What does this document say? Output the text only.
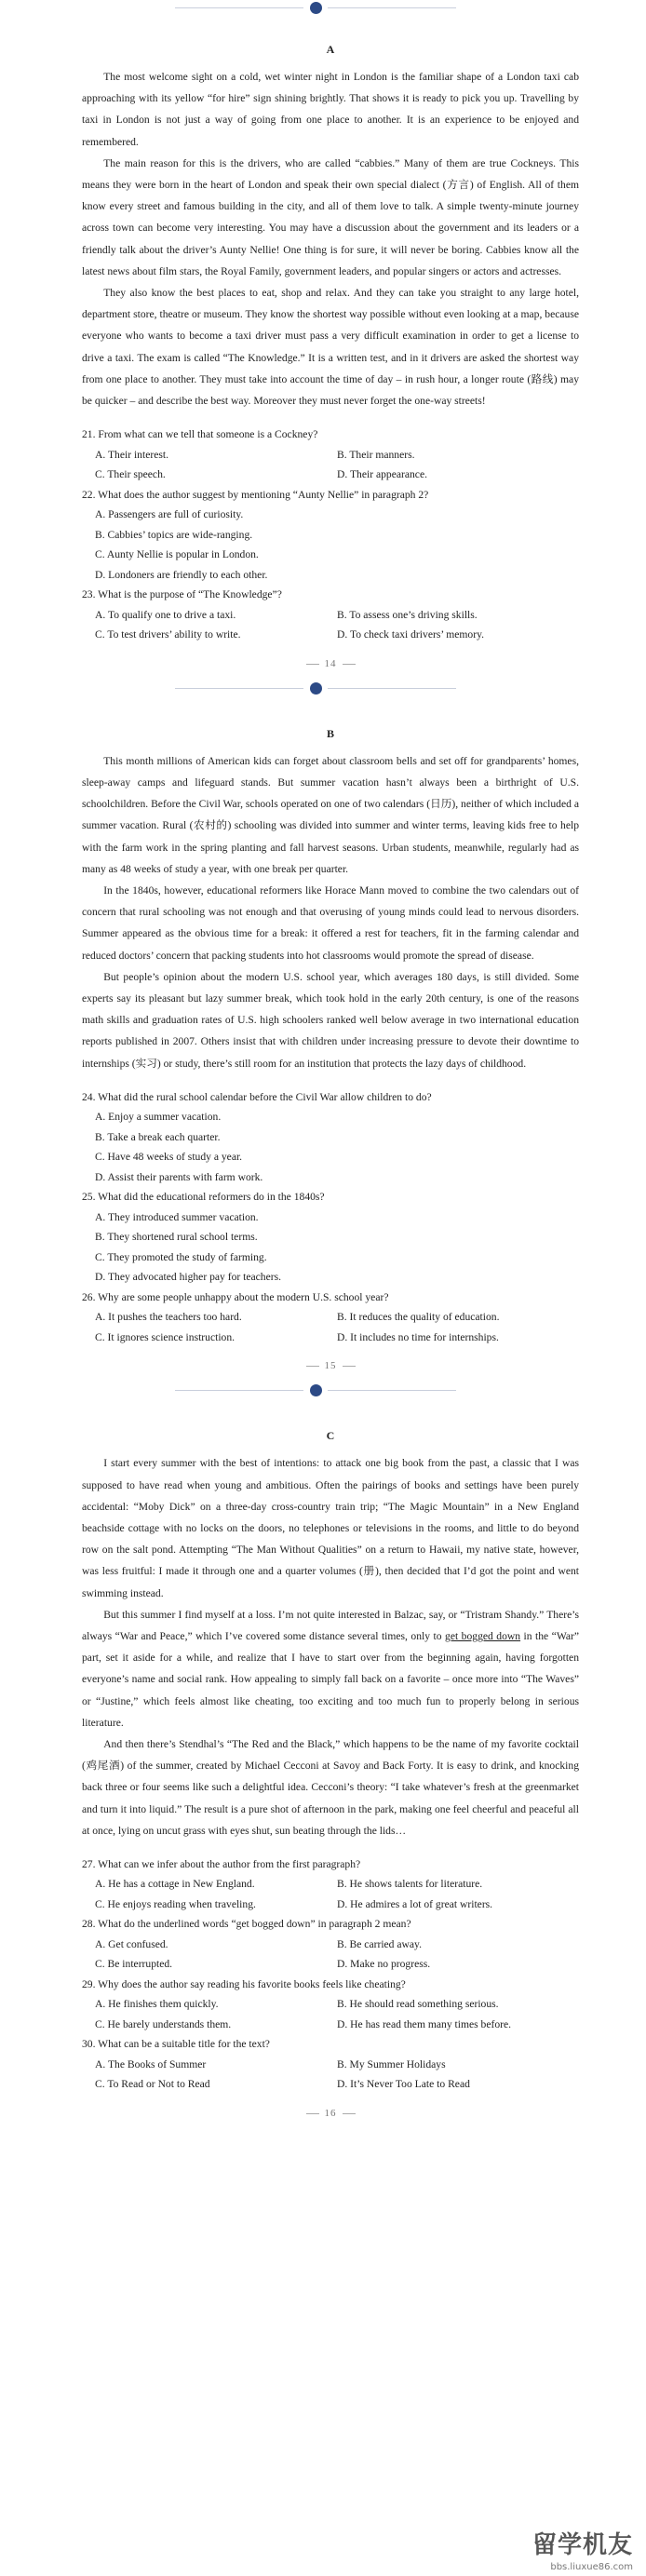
A

The most welcome sight on a cold, wet winter night in London is the familiar shape of a London taxi cab approaching with its yellow “for hire” sign shining brightly. That shows it is ready to pick you up. Travelling by taxi in London is not just a way of going from one place to another. It is an experience to be enjoyed and remembered.

The main reason for this is the drivers, who are called “cabbies.” Many of them are true Cockneys. This means they were born in the heart of London and speak their own special dialect (方言) of English. All of them know every street and famous building in the city, and all of them love to talk. A simple twenty-minute journey across town can become very interesting. You may have a discussion about the government and its leaders or a friendly talk about the driver’s Aunty Nellie! One thing is for sure, it will never be boring. Cabbies know all the latest news about film stars, the Royal Family, government leaders, and popular singers or actors and actresses.

They also know the best places to eat, shop and relax. And they can take you straight to any large hotel, department store, theatre or museum. They know the shortest way possible without even looking at a map, because everyone who wants to become a taxi driver must pass a very difficult examination in order to get a license to drive a taxi. The exam is called “The Knowledge.” It is a written test, and in it drivers are asked the shortest way from one place to another. They must take into account the time of day – in rush hour, a longer route (路线) may be quicker – and describe the best way. Moreover they must never forget the one-way streets!

21. From what can we tell that someone is a Cockney?

A. Their interest.	B. Their manners.

C. Their speech.	D. Their appearance.

22. What does the author suggest by mentioning “Aunty Nellie” in paragraph 2?

A. Passengers are full of curiosity.

B. Cabbies’ topics are wide-ranging.

C. Aunty Nellie is popular in London.

D. Londoners are friendly to each other.

23. What is the purpose of “The Knowledge”?

A. To qualify one to drive a taxi.	B. To assess one’s driving skills.

C. To test drivers’ ability to write.	D. To check taxi drivers’ memory.

14
B

This month millions of American kids can forget about classroom bells and set off for grandparents’ homes, sleep-away camps and lifeguard stands. But summer vacation hasn’t always been a birthright of U.S. schoolchildren. Before the Civil War, schools operated on one of two calendars (日历), neither of which included a summer vacation. Rural (农村的) schooling was divided into summer and winter terms, leaving kids free to help with the farm work in the spring planting and fall harvest seasons. Urban students, meanwhile, regularly had as many as 48 weeks of study a year, with one break per quarter.

In the 1840s, however, educational reformers like Horace Mann moved to combine the two calendars out of concern that rural schooling was not enough and that overusing of young minds could lead to nervous disorders. Summer appeared as the obvious time for a break: it offered a rest for teachers, fit in the farming calendar and reduced doctors’ concern that packing students into hot classrooms would promote the spread of disease.

But people’s opinion about the modern U.S. school year, which averages 180 days, is still divided. Some experts say its pleasant but lazy summer break, which took hold in the early 20th century, is one of the reasons math skills and graduation rates of U.S. high schoolers ranked well below average in two international education reports published in 2007. Others insist that with children under increasing pressure to devote their downtime to internships (实习) or study, there’s still room for an institution that protects the lazy days of childhood.

24. What did the rural school calendar before the Civil War allow children to do?

A. Enjoy a summer vacation.

B. Take a break each quarter.

C. Have 48 weeks of study a year.

D. Assist their parents with farm work.

25. What did the educational reformers do in the 1840s?

A. They introduced summer vacation.

B. They shortened rural school terms.

C. They promoted the study of farming.

D. They advocated higher pay for teachers.

26. Why are some people unhappy about the modern U.S. school year?

A. It pushes the teachers too hard.	B. It reduces the quality of education.

C. It ignores science instruction.	D. It includes no time for internships.

15
C

I start every summer with the best of intentions: to attack one big book from the past, a classic that I was supposed to have read when young and ambitious. Often the pairings of books and settings have been purely accidental: “Moby Dick” on a three-day cross-country train trip; “The Magic Mountain” in a New England beachside cottage with no locks on the doors, no telephones or televisions in the rooms, and little to do beyond row on the salt pond. Attempting “The Man Without Qualities” on a return to Hawaii, my native state, however, was less fruitful: I made it through one and a quarter volumes (册), then decided that I’d got the point and went swimming instead.

But this summer I find myself at a loss. I’m not quite interested in Balzac, say, or “Tristram Shandy.” There’s always “War and Peace,” which I’ve covered some distance several times, only to get bogged down in the “War” part, set it aside for a while, and realize that I have to start over from the beginning again, having forgotten everyone’s name and social rank. How appealing to simply fall back on a favorite – once more into “The Waves” or “Justine,” which feels almost like cheating, too exciting and too much fun to properly belong in serious literature.

And then there’s Stendhal’s “The Red and the Black,” which happens to be the name of my favorite cocktail (鸡尾酒) of the summer, created by Michael Cecconi at Savoy and Back Forty. It is easy to drink, and knocking back three or four seems like such a delightful idea. Cecconi’s theory: “I take whatever’s fresh at the greenmarket and turn it into liquid.” The result is a pure shot of afternoon in the park, making one feel cheerful and peaceful all at once, lying on uncut grass with eyes shut, sun beating through the lids…

27. What can we infer about the author from the first paragraph?

A. He has a cottage in New England.	B. He shows talents for literature.

C. He enjoys reading when traveling.	D. He admires a lot of great writers.

28. What do the underlined words “get bogged down” in paragraph 2 mean?

A. Get confused.	B. Be carried away.

C. Be interrupted.	D. Make no progress.

29. Why does the author say reading his favorite books feels like cheating?

A. He finishes them quickly.	B. He should read something serious.

C. He barely understands them.	D. He has read them many times before.

30. What can be a suitable title for the text?

A. The Books of Summer	B. My Summer Holidays

C. To Read or Not to Read	D. It’s Never Too Late to Read

16
留学机友
bbs.liuxue86.com
